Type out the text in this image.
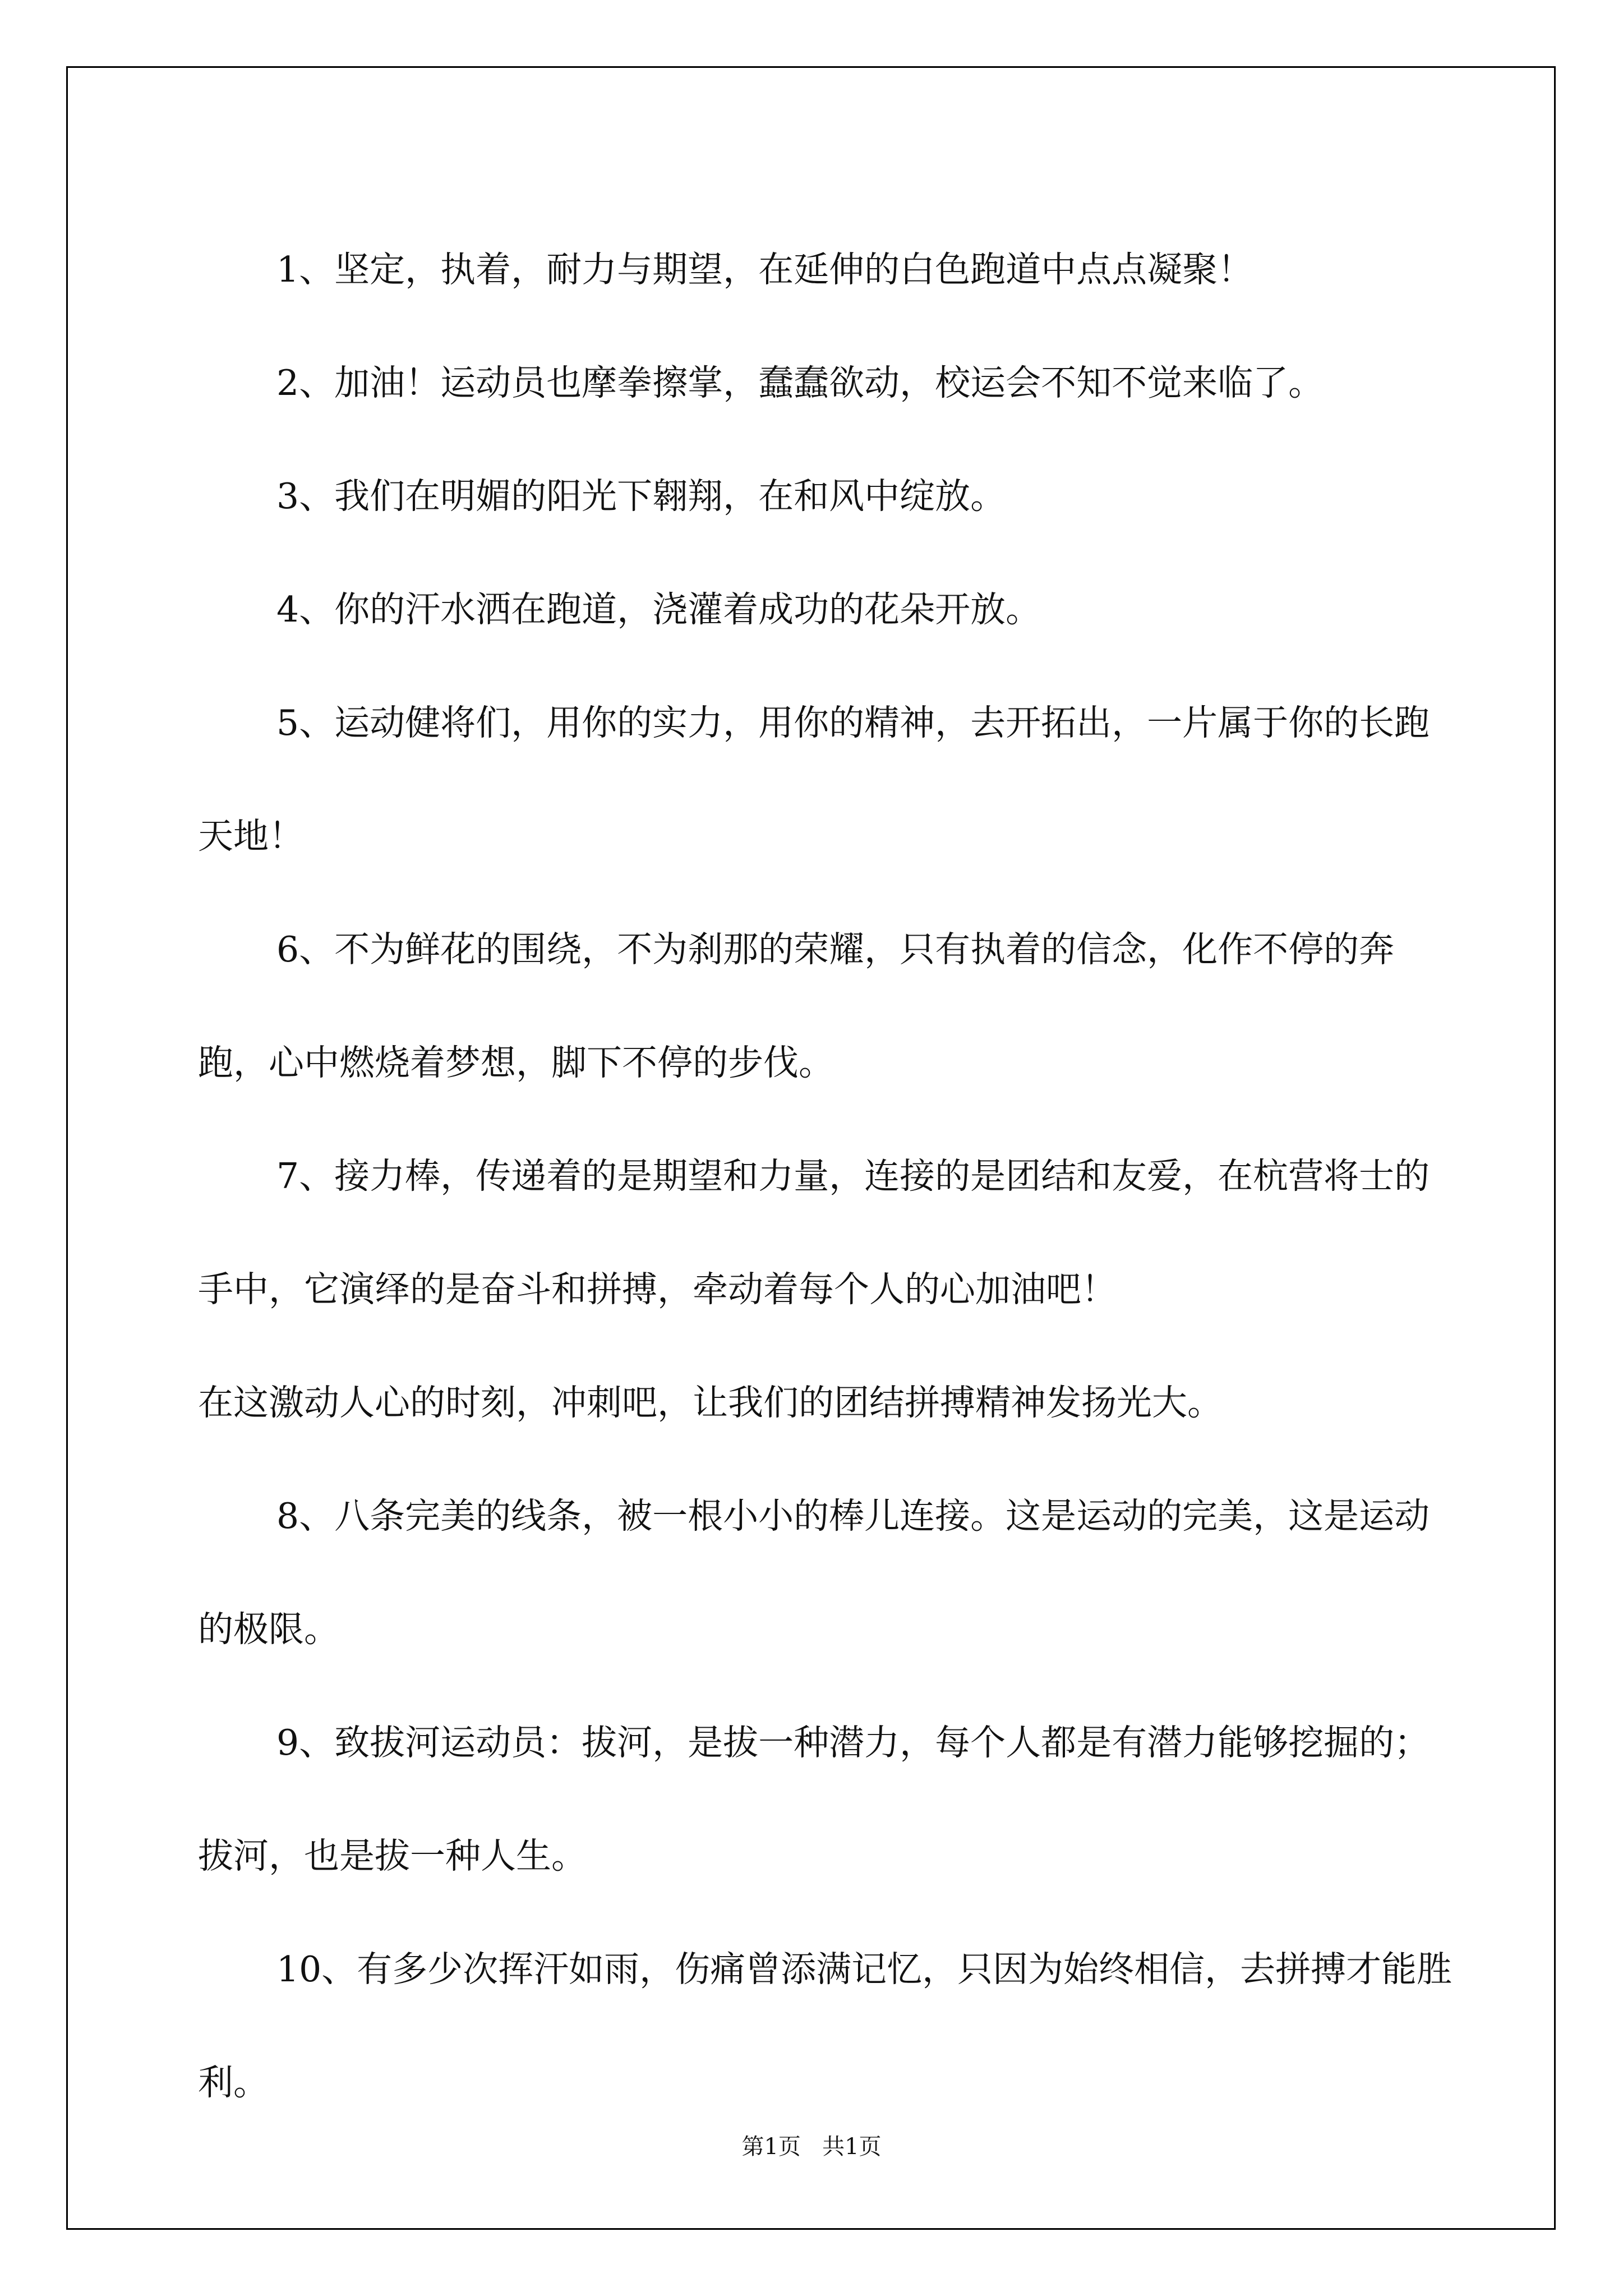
1、坚定，执着，耐力与期望，在延伸的白色跑道中点点凝聚！

2、加油！运动员也摩拳擦掌，蠢蠢欲动，校运会不知不觉来临了。

3、我们在明媚的阳光下翱翔，在和风中绽放。

4、你的汗水洒在跑道，浇灌着成功的花朵开放。

5、运动健将们，用你的实力，用你的精神，去开拓出，一片属于你的长跑天地！

6、不为鲜花的围绕，不为刹那的荣耀，只有执着的信念，化作不停的奔跑，心中燃烧着梦想，脚下不停的步伐。

7、接力棒，传递着的是期望和力量，连接的是团结和友爱，在杭营将士的手中，它演绎的是奋斗和拼搏，牵动着每个人的心加油吧！

在这激动人心的时刻，冲刺吧，让我们的团结拼搏精神发扬光大。

8、八条完美的线条，被一根小小的棒儿连接。这是运动的完美，这是运动的极限。

9、致拔河运动员：拔河，是拔一种潜力，每个人都是有潜力能够挖掘的；拔河，也是拔一种人生。

10、有多少次挥汗如雨，伤痛曾添满记忆，只因为始终相信，去拼搏才能胜利。

第1页 共1页
